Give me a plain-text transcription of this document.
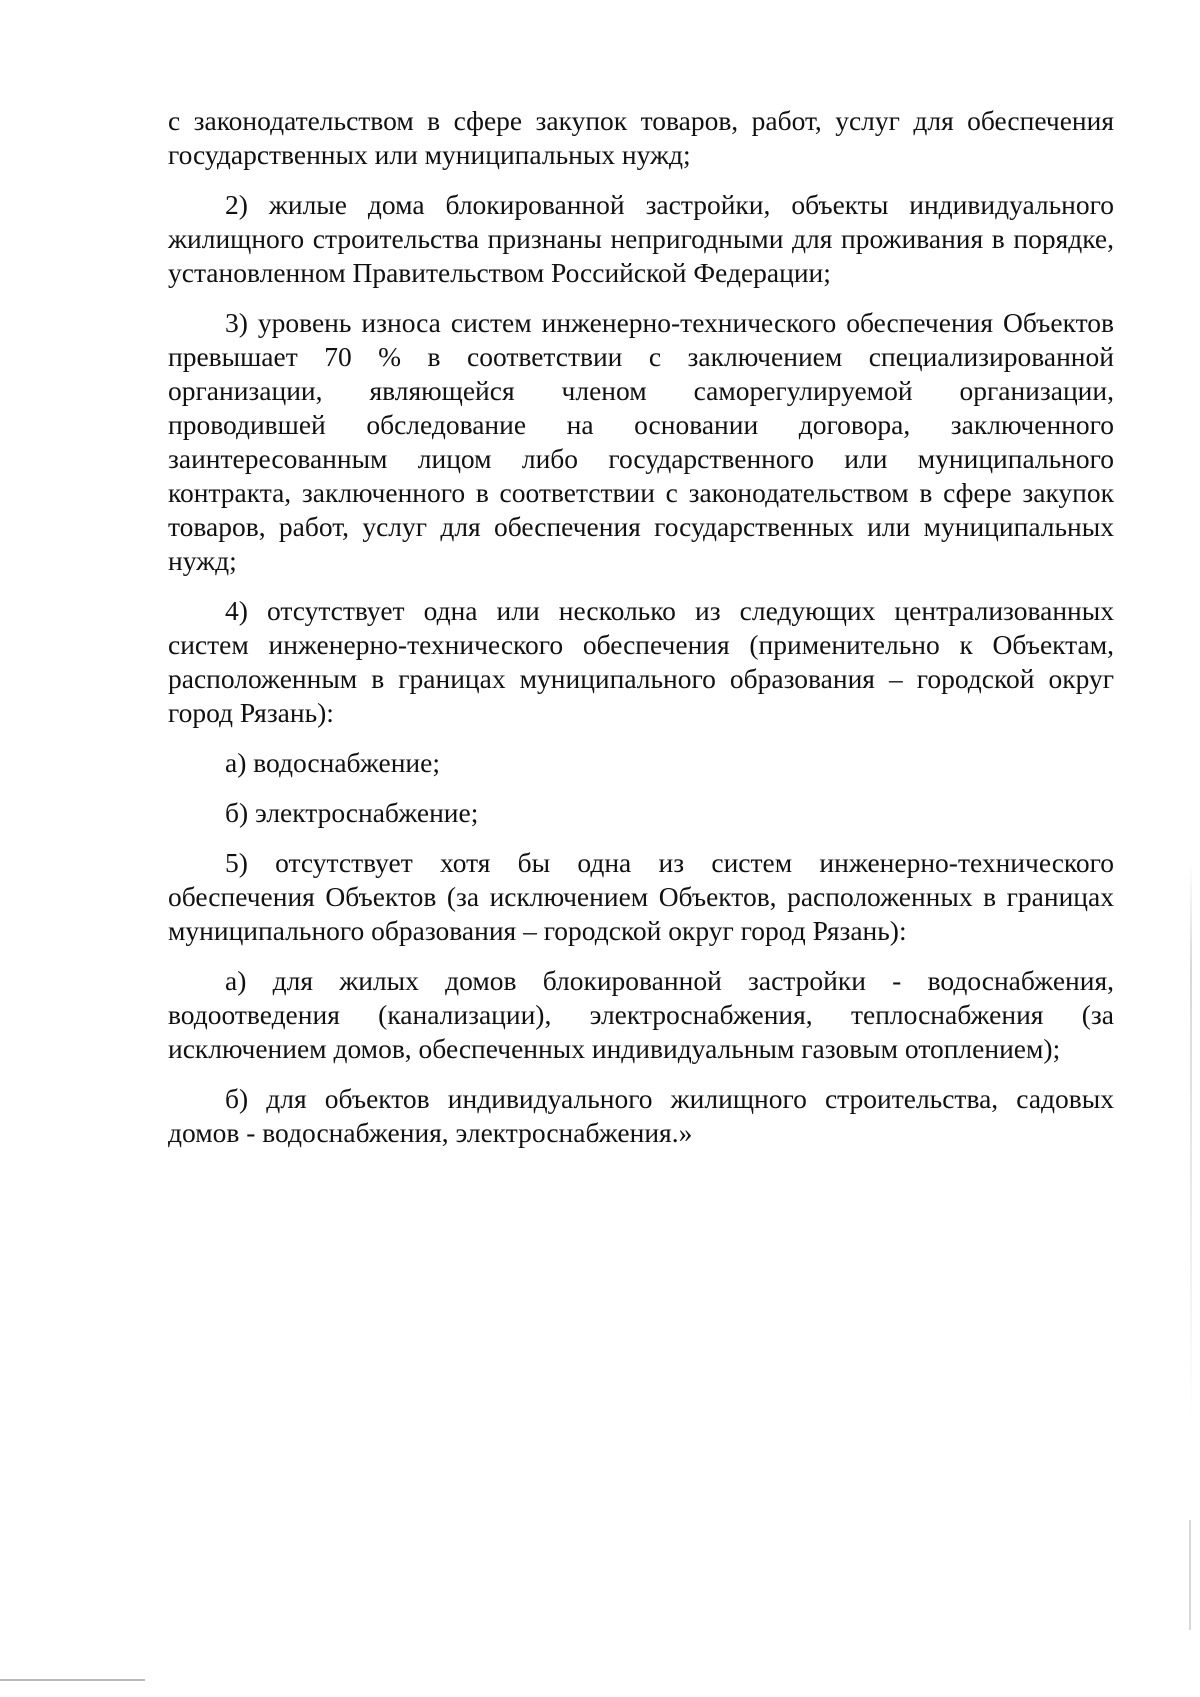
с законодательством в сфере закупок товаров, работ, услуг для обеспечения государственных или муниципальных нужд;

2) жилые дома блокированной застройки, объекты индивидуального жилищного строительства признаны непригодными для проживания в порядке, установленном Правительством Российской Федерации;

3) уровень износа систем инженерно-технического обеспечения Объектов превышает 70 % в соответствии с заключением специализированной организации, являющейся членом саморегулируемой организации, проводившей обследование на основании договора, заключенного заинтересованным лицом либо государственного или муниципального контракта, заключенного в соответствии с законодательством в сфере закупок товаров, работ, услуг для обеспечения государственных или муниципальных нужд;

4) отсутствует одна или несколько из следующих централизованных систем инженерно-технического обеспечения (применительно к Объектам, расположенным в границах муниципального образования – городской округ город Рязань):

а) водоснабжение;

б) электроснабжение;

5) отсутствует хотя бы одна из систем инженерно-технического обеспечения Объектов (за исключением Объектов, расположенных в границах муниципального образования – городской округ город Рязань):

а) для жилых домов блокированной застройки - водоснабжения, водоотведения (канализации), электроснабжения, теплоснабжения (за исключением домов, обеспеченных индивидуальным газовым отоплением);

б) для объектов индивидуального жилищного строительства, садовых домов - водоснабжения, электроснабжения.»
